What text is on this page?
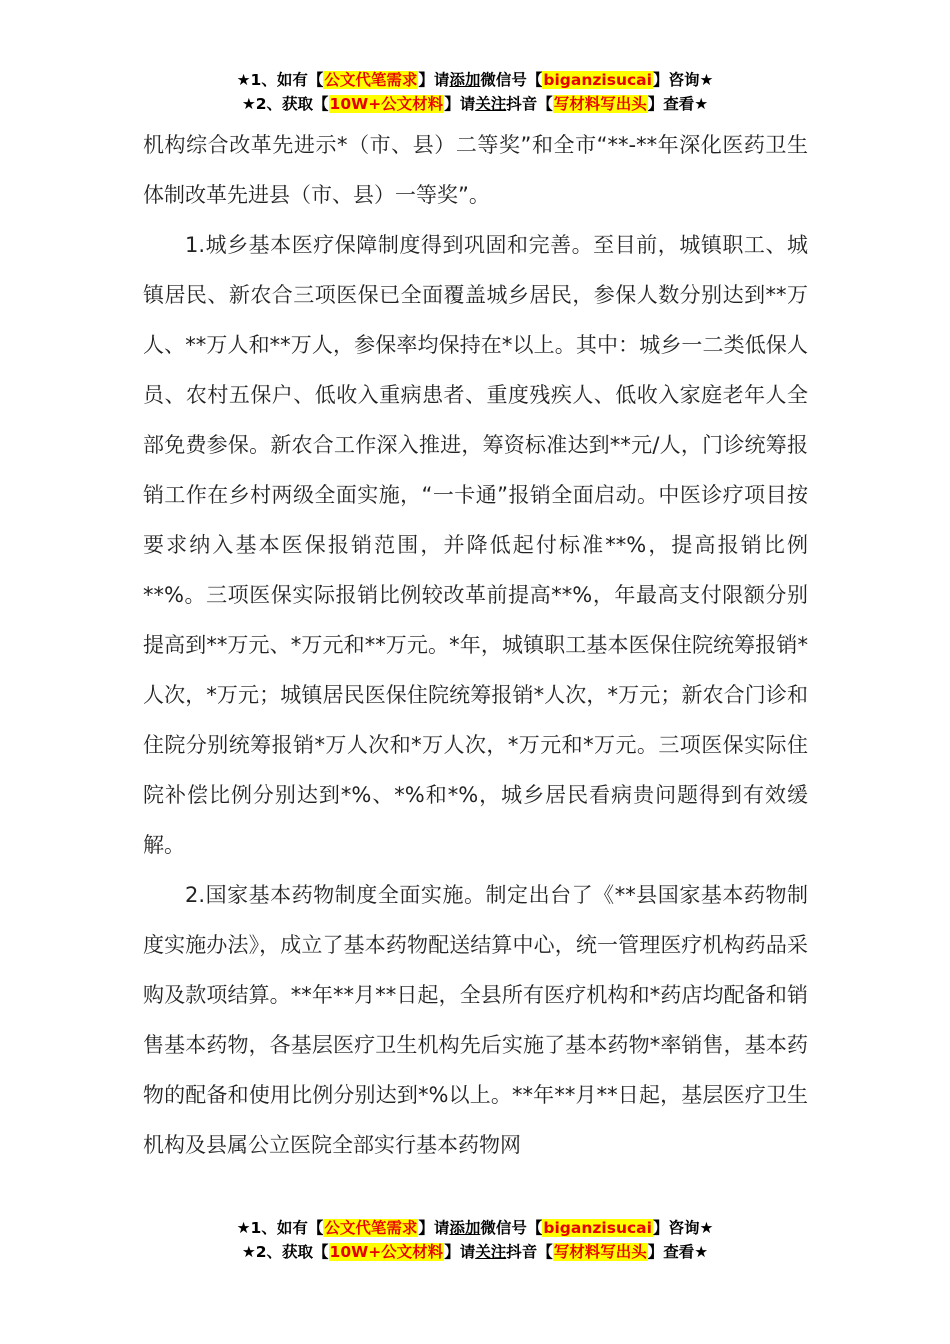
★1、如有【公文代笔需求】请添加微信号【biganzisucai】咨询★
★2、获取【10W+公文材料】请关注抖音【写材料写出头】查看★

机构综合改革先进示*（市、县）二等奖”和全市“**-**年深化医药卫生体制改革先进县（市、县）一等奖”。

1.城乡基本医疗保障制度得到巩固和完善。至目前，城镇职工、城镇居民、新农合三项医保已全面覆盖城乡居民，参保人数分别达到**万人、**万人和**万人，参保率均保持在*以上。其中：城乡一二类低保人员、农村五保户、低收入重病患者、重度残疾人、低收入家庭老年人全部免费参保。新农合工作深入推进，筹资标准达到**元/人，门诊统筹报销工作在乡村两级全面实施，“一卡通”报销全面启动。中医诊疗项目按要求纳入基本医保报销范围，并降低起付标准**%，提高报销比例**%。三项医保实际报销比例较改革前提高**%，年最高支付限额分别提高到**万元、*万元和**万元。*年，城镇职工基本医保住院统筹报销*人次，*万元；城镇居民医保住院统筹报销*人次，*万元；新农合门诊和住院分别统筹报销*万人次和*万人次，*万元和*万元。三项医保实际住院补偿比例分别达到*%、*%和*%，城乡居民看病贵问题得到有效缓解。

2.国家基本药物制度全面实施。制定出台了《**县国家基本药物制度实施办法》，成立了基本药物配送结算中心，统一管理医疗机构药品采购及款项结算。**年**月**日起，全县所有医疗机构和*药店均配备和销售基本药物，各基层医疗卫生机构先后实施了基本药物*率销售，基本药物的配备和使用比例分别达到*%以上。**年**月**日起，基层医疗卫生机构及县属公立医院全部实行基本药物网

★1、如有【公文代笔需求】请添加微信号【biganzisucai】咨询★
★2、获取【10W+公文材料】请关注抖音【写材料写出头】查看★
